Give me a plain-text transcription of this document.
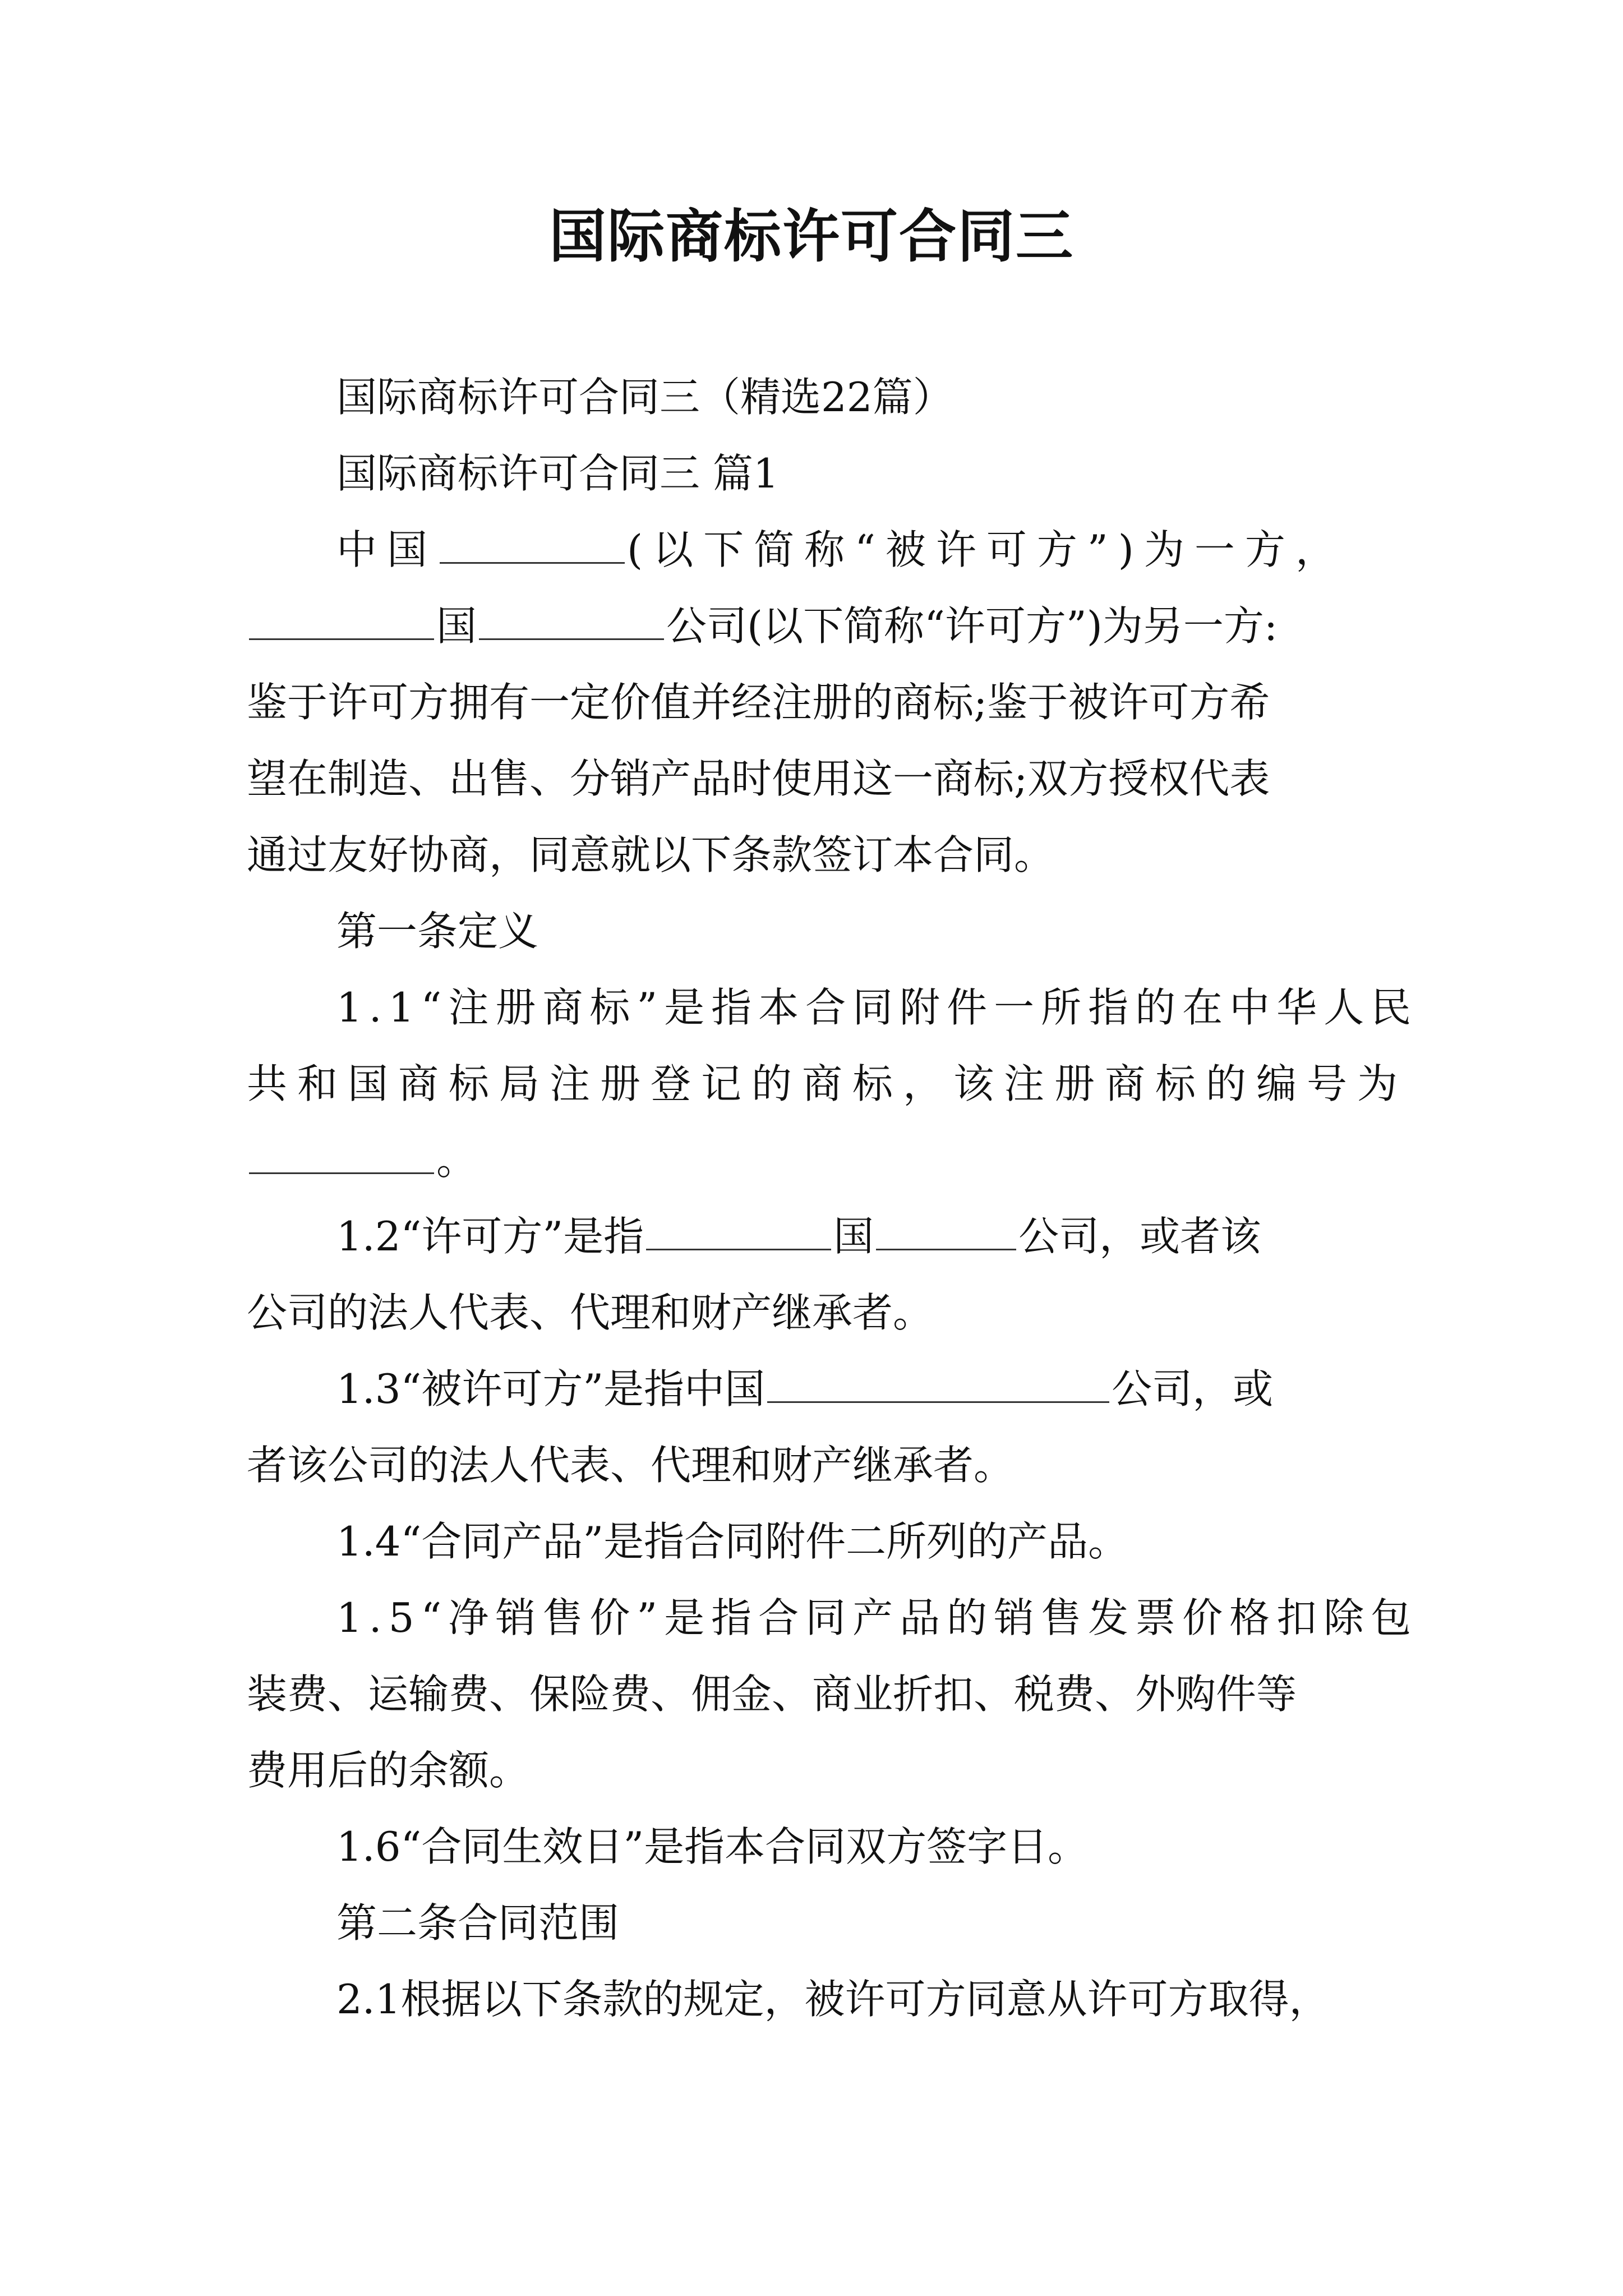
国际商标许可合同三
国际商标许可合同三（精选22篇）
国际商标许可合同三 篇1
中国	(以下简称“被许可方”)为一方，
国	公司(以下简称“许可方”)为另一方:
鉴于许可方拥有一定价值并经注册的商标;鉴于被许可方希
望在制造、出售、分销产品时使用这一商标;双方授权代表
通过友好协商，同意就以下条款签订本合同。
第一条定义
1.1“注册商标”是指本合同附件一所指的在中华人民
共和国商标局注册登记的商标，该注册商标的编号为
。
1.2“许可方”是指	国	公司，或者该
公司的法人代表、代理和财产继承者。
1.3“被许可方”是指中国	公司，或
者该公司的法人代表、代理和财产继承者。
1.4“合同产品”是指合同附件二所列的产品。
1.5“净销售价”是指合同产品的销售发票价格扣除包
装费、运输费、保险费、佣金、商业折扣、税费、外购件等
费用后的余额。
1.6“合同生效日”是指本合同双方签字日。
第二条合同范围
2.1根据以下条款的规定，被许可方同意从许可方取得，
